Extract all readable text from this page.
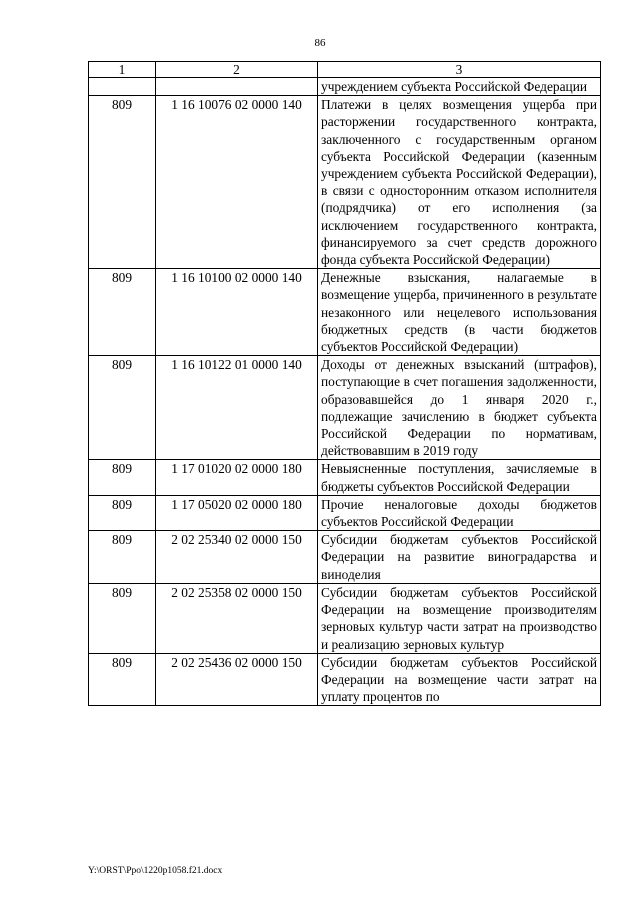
86
1	2	3
		учреждением субъекта Российской Федерации
809	1 16 10076 02 0000 140	Платежи в целях возмещения ущерба при расторжении государственного контракта, заключенного с государственным органом субъекта Российской Федерации (казенным учреждением субъекта Российской Федерации), в связи с односторонним отказом исполнителя (подрядчика) от его исполнения (за исключением государственного контракта, финансируемого за счет средств дорожного фонда субъекта Российской Федерации)
809	1 16 10100 02 0000 140	Денежные взыскания, налагаемые в возмещение ущерба, причиненного в результате незаконного или нецелевого использования бюджетных средств (в части бюджетов субъектов Российской Федерации)
809	1 16 10122 01 0000 140	Доходы от денежных взысканий (штрафов), поступающие в счет погашения задолженности, образовавшейся до 1 января 2020 г., подлежащие зачислению в бюджет субъекта Российской Федерации по нормативам, действовавшим в 2019 году
809	1 17 01020 02 0000 180	Невыясненные поступления, зачисляемые в бюджеты субъектов Российской Федерации
809	1 17 05020 02 0000 180	Прочие неналоговые доходы бюджетов субъектов Российской Федерации
809	2 02 25340 02 0000 150	Субсидии бюджетам субъектов Российской Федерации на развитие виноградарства и виноделия
809	2 02 25358 02 0000 150	Субсидии бюджетам субъектов Российской Федерации на возмещение производителям зерновых культур части затрат на производство и реализацию зерновых культур
809	2 02 25436 02 0000 150	Субсидии бюджетам субъектов Российской Федерации на возмещение части затрат на уплату процентов по
Y:\ORST\Ppo\1220p1058.f21.docx
